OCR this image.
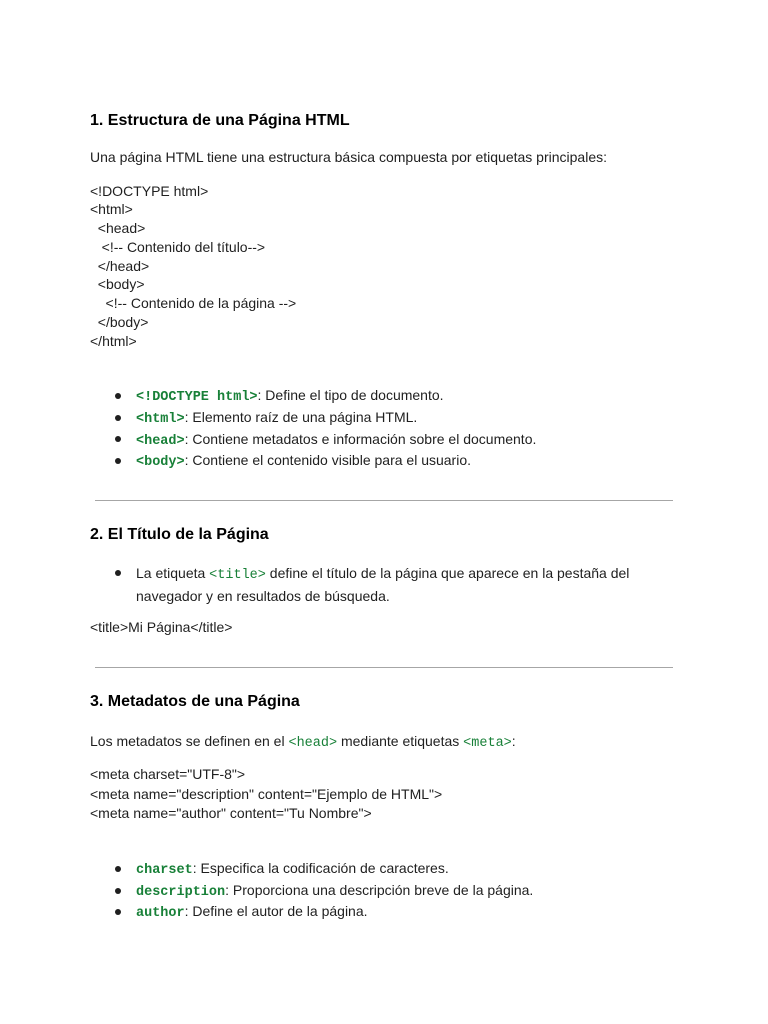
1. Estructura de una Página HTML
Una página HTML tiene una estructura básica compuesta por etiquetas principales:
<!DOCTYPE html>
<html>
<head>
<!-- Contenido del título-->
</head>
<body>
<!-- Contenido de la página -->
</body>
</html>
<!DOCTYPE html>: Define el tipo de documento.
<html>: Elemento raíz de una página HTML.
<head>: Contiene metadatos e información sobre el documento.
<body>: Contiene el contenido visible para el usuario.
2. El Título de la Página
La etiqueta <title> define el título de la página que aparece en la pestaña del
navegador y en resultados de búsqueda.
<title>Mi Página</title>
3. Metadatos de una Página
Los metadatos se definen en el <head> mediante etiquetas <meta>:
<meta charset="UTF-8">
<meta name="description" content="Ejemplo de HTML">
<meta name="author" content="Tu Nombre">
charset: Especifica la codificación de caracteres.
description: Proporciona una descripción breve de la página.
author: Define el autor de la página.
